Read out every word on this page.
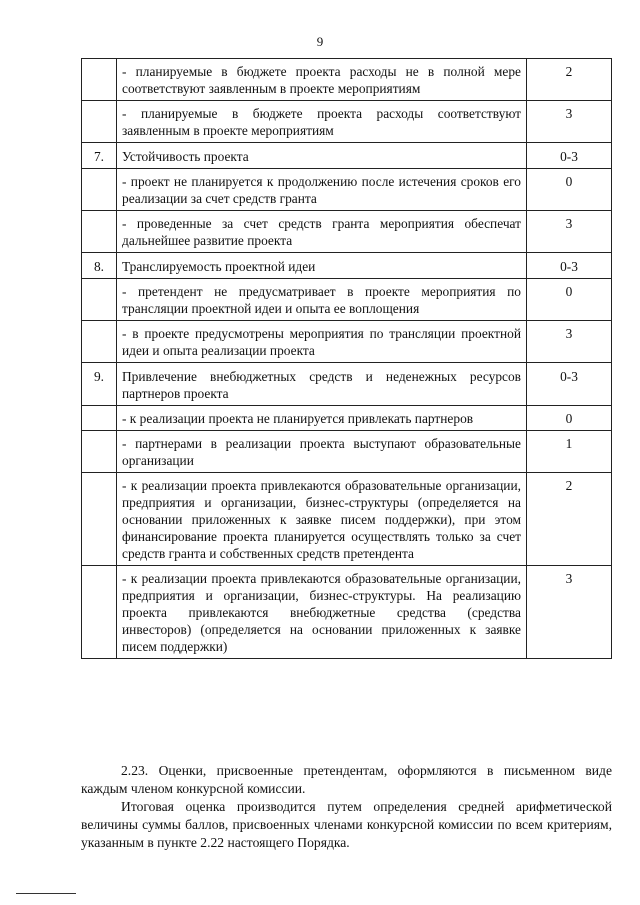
9
	- планируемые в бюджете проекта расходы не в полной мере соответствуют заявленным в проекте мероприятиям	2
	- планируемые в бюджете проекта расходы соответствуют заявленным в проекте мероприятиям	3
7.	Устойчивость проекта	0-3
	- проект не планируется к продолжению после истечения сроков его реализации за счет средств гранта	0
	- проведенные за счет средств гранта мероприятия обеспечат дальнейшее развитие проекта	3
8.	Транслируемость проектной идеи	0-3
	- претендент не предусматривает в проекте мероприятия по трансляции проектной идеи и опыта ее воплощения	0
	- в проекте предусмотрены мероприятия по трансляции проектной идеи и опыта реализации проекта	3
9.	Привлечение внебюджетных средств и неденежных ресурсов партнеров проекта	0-3
	- к реализации проекта не планируется привлекать партнеров	0
	- партнерами в реализации проекта выступают образовательные организации	1
	- к реализации проекта привлекаются образовательные организации, предприятия и организации, бизнес-структуры (определяется на основании приложенных к заявке писем поддержки), при этом финансирование проекта планируется осуществлять только за счет средств гранта и собственных средств претендента	2
	- к реализации проекта привлекаются образовательные организации, предприятия и организации, бизнес-структуры. На реализацию проекта привлекаются внебюджетные средства (средства инвесторов) (определяется на основании приложенных к заявке писем поддержки)	3

2.23. Оценки, присвоенные претендентам, оформляются в письменном виде каждым членом конкурсной комиссии.

Итоговая оценка производится путем определения средней арифметической величины суммы баллов, присвоенных членами конкурсной комиссии по всем критериям, указанным в пункте 2.22 настоящего Порядка.
